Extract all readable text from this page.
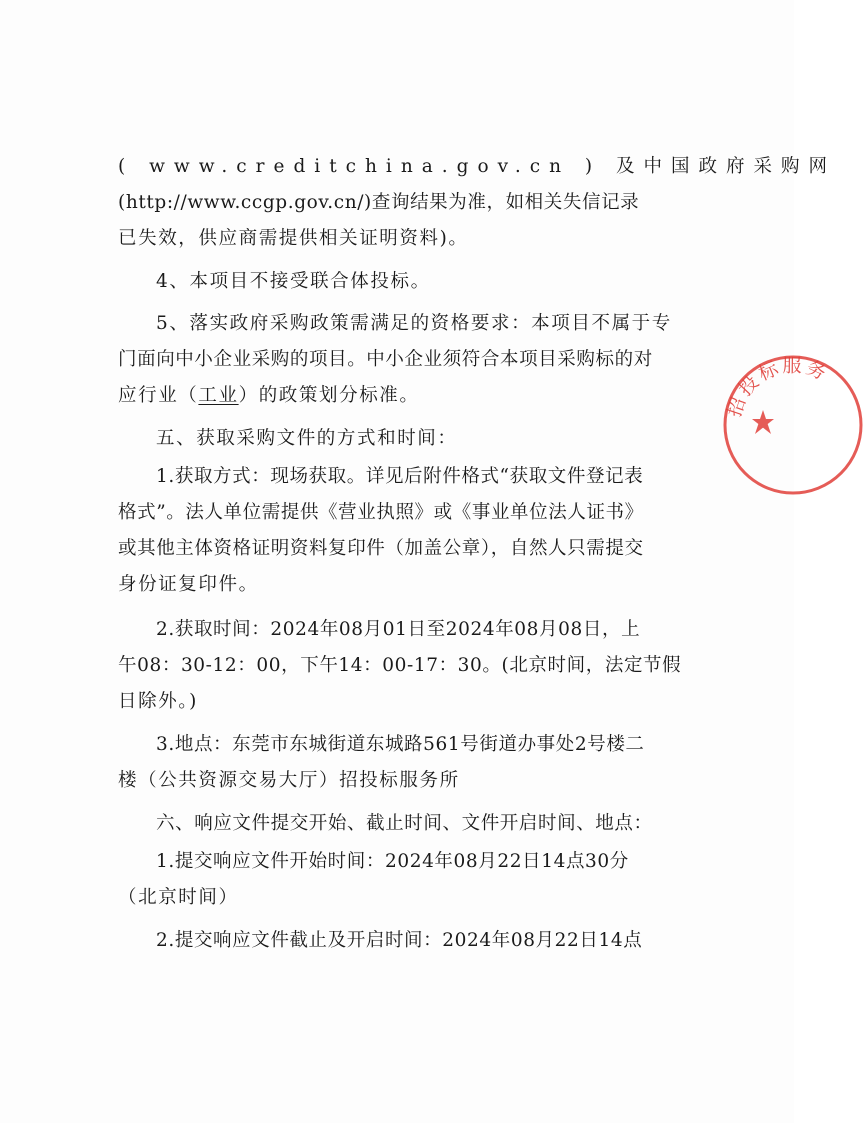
( www.creditchina.gov.cn ) 及中国政府采购网
(http://www.ccgp.gov.cn/)查询结果为准，如相关失信记录
已失效，供应商需提供相关证明资料)。
4、本项目不接受联合体投标。
5、落实政府采购政策需满足的资格要求：本项目不属于专
门面向中小企业采购的项目。中小企业须符合本项目采购标的对
应行业（工业）的政策划分标准。
五、获取采购文件的方式和时间：
1.获取方式：现场获取。详见后附件格式“获取文件登记表
格式”。法人单位需提供《营业执照》或《事业单位法人证书》
或其他主体资格证明资料复印件（加盖公章），自然人只需提交
身份证复印件。
2.获取时间：2024年08月01日至2024年08月08日，上
午08：30-12：00，下午14：00-17：30。(北京时间，法定节假
日除外。)
3.地点：东莞市东城街道东城路561号街道办事处2号楼二
楼（公共资源交易大厅）招投标服务所
六、响应文件提交开始、截止时间、文件开启时间、地点：
1.提交响应文件开始时间：2024年08月22日14点30分
（北京时间）
2.提交响应文件截止及开启时间：2024年08月22日14点
招投标服务
